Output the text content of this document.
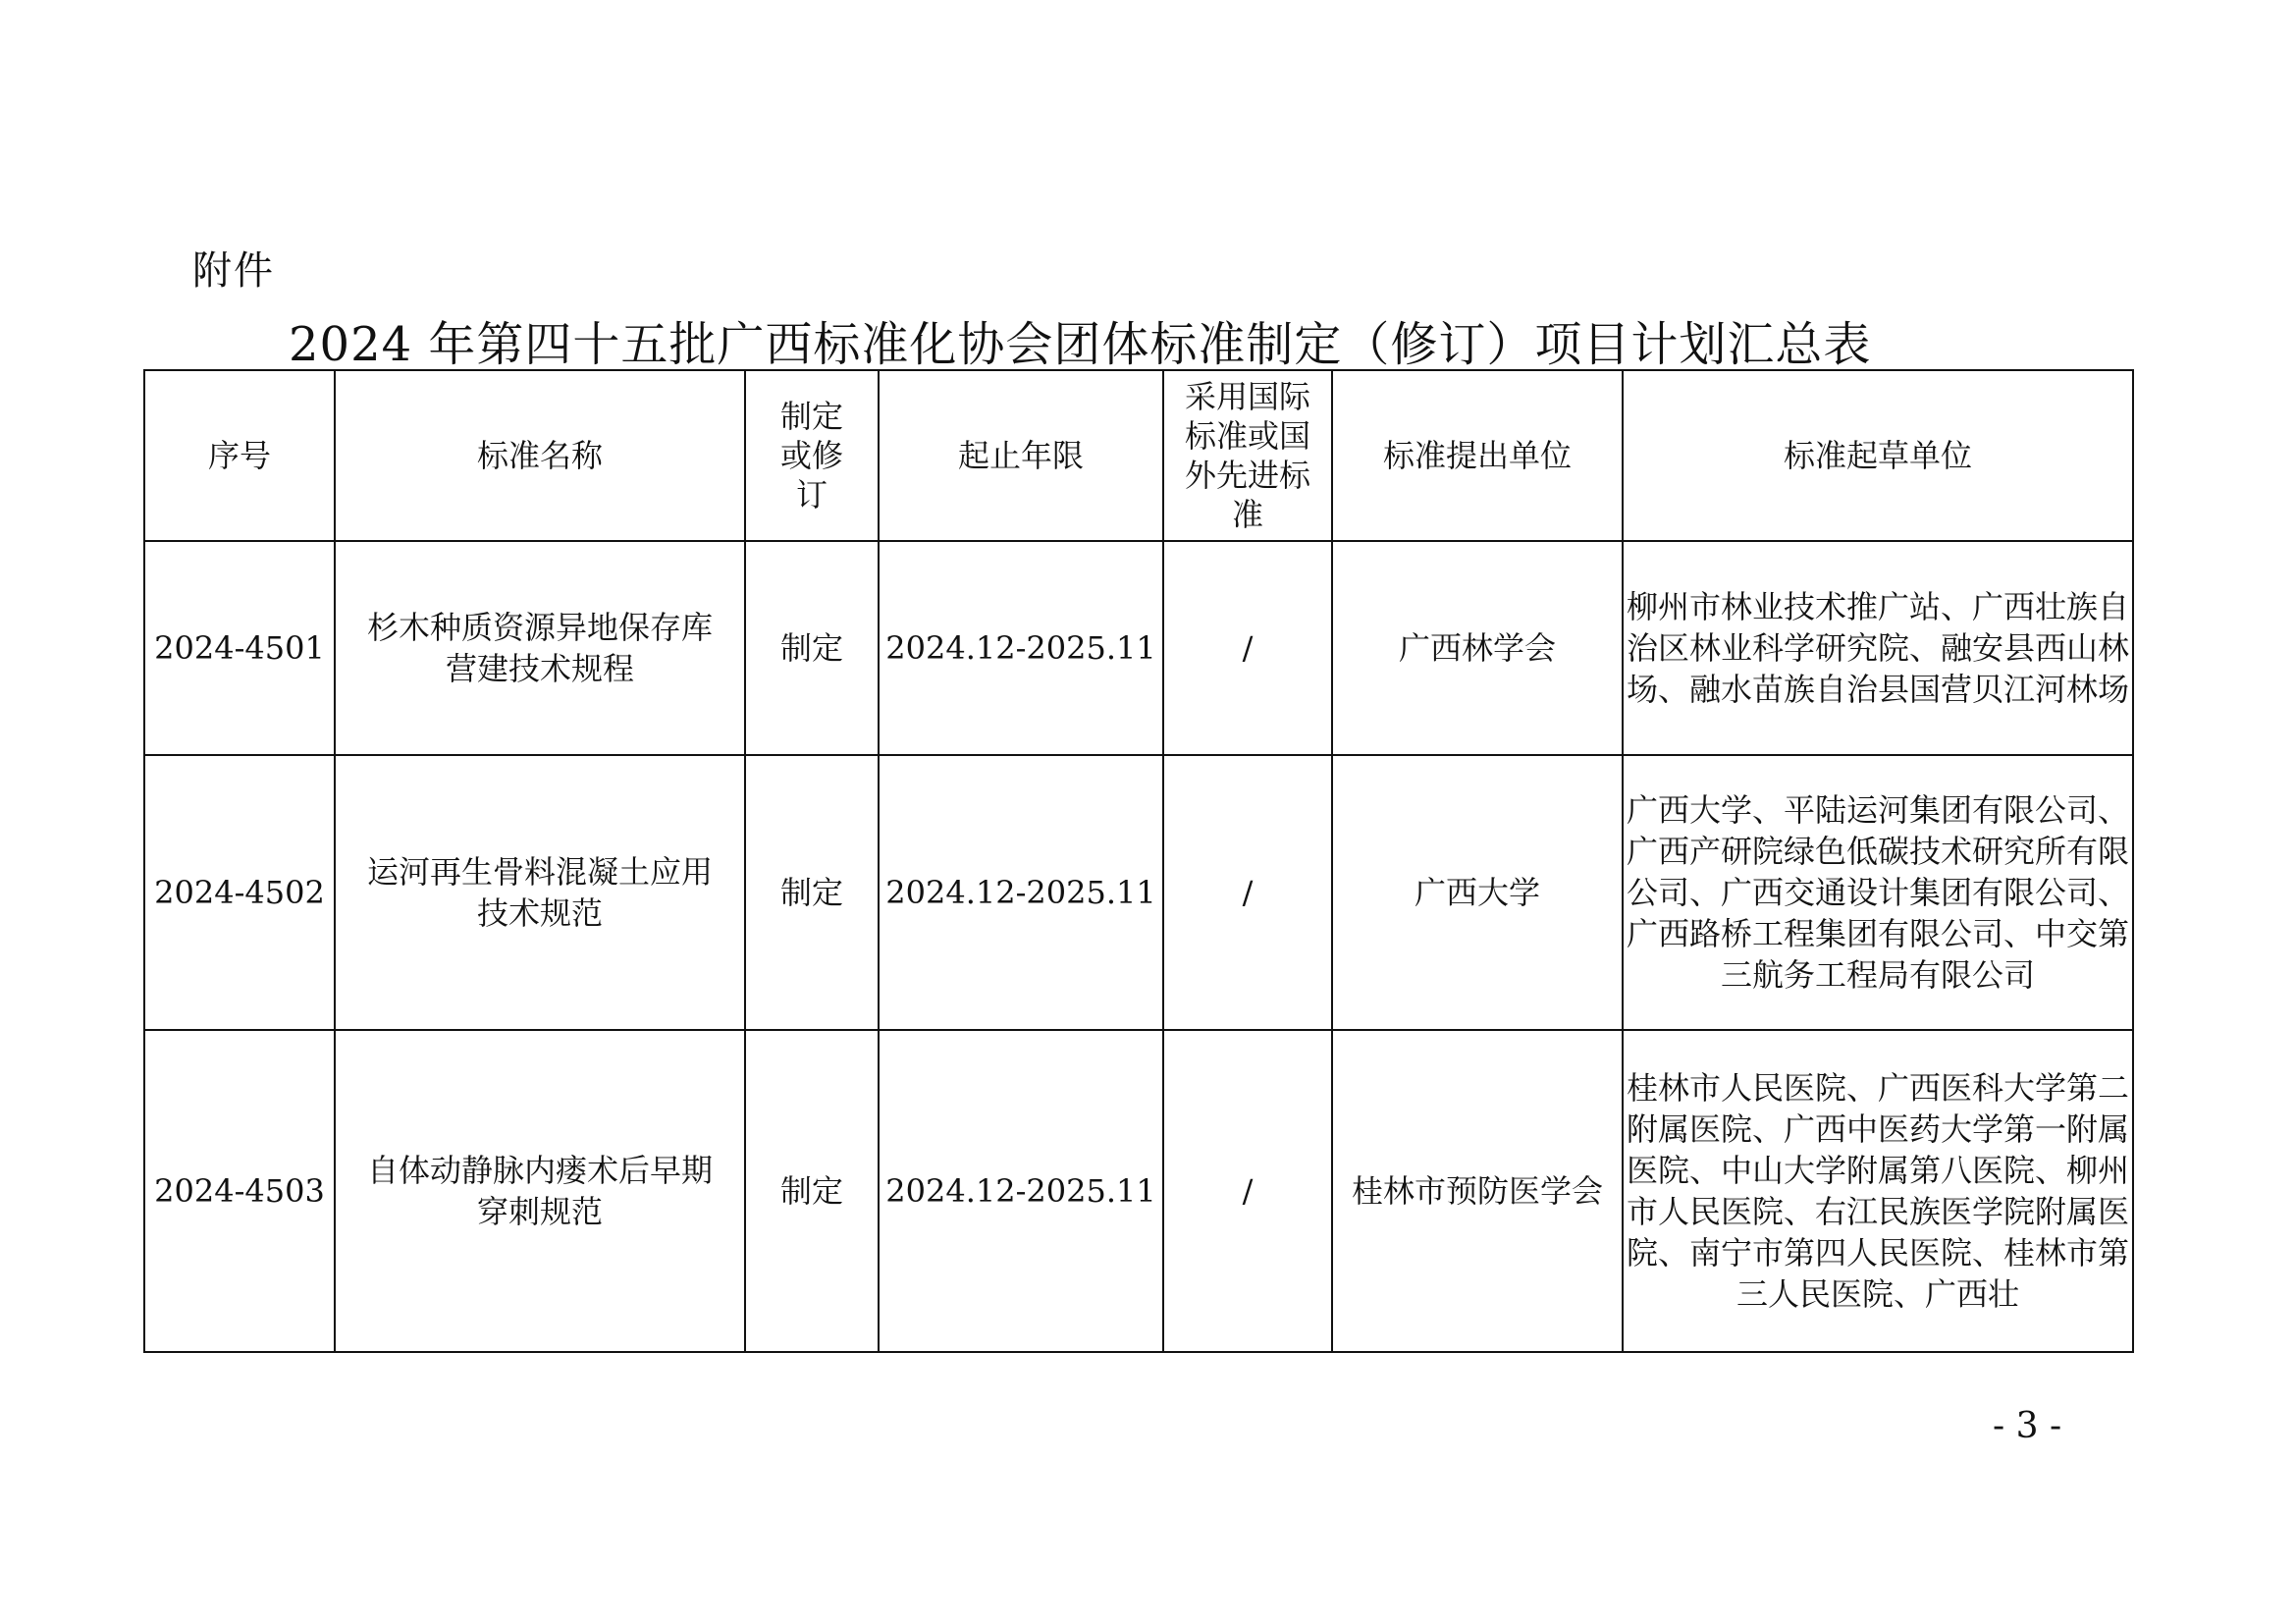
附件
2024 年第四十五批广西标准化协会团体标准制定（修订）项目计划汇总表
序号	标准名称	制定或修订	起止年限	采用国际标准或国外先进标准	标准提出单位	标准起草单位
2024-4501	杉木种质资源异地保存库营建技术规程	制定	2024.12-2025.11	/	广西林学会	柳州市林业技术推广站、广西壮族自治区林业科学研究院、融安县西山林场、融水苗族自治县国营贝江河林场
2024-4502	运河再生骨料混凝土应用技术规范	制定	2024.12-2025.11	/	广西大学	广西大学、平陆运河集团有限公司、广西产研院绿色低碳技术研究所有限公司、广西交通设计集团有限公司、广西路桥工程集团有限公司、中交第三航务工程局有限公司
2024-4503	自体动静脉内瘘术后早期穿刺规范	制定	2024.12-2025.11	/	桂林市预防医学会	桂林市人民医院、广西医科大学第二附属医院、广西中医药大学第一附属医院、中山大学附属第八医院、柳州市人民医院、右江民族医学院附属医院、南宁市第四人民医院、桂林市第三人民医院、广西壮
- 3 -
